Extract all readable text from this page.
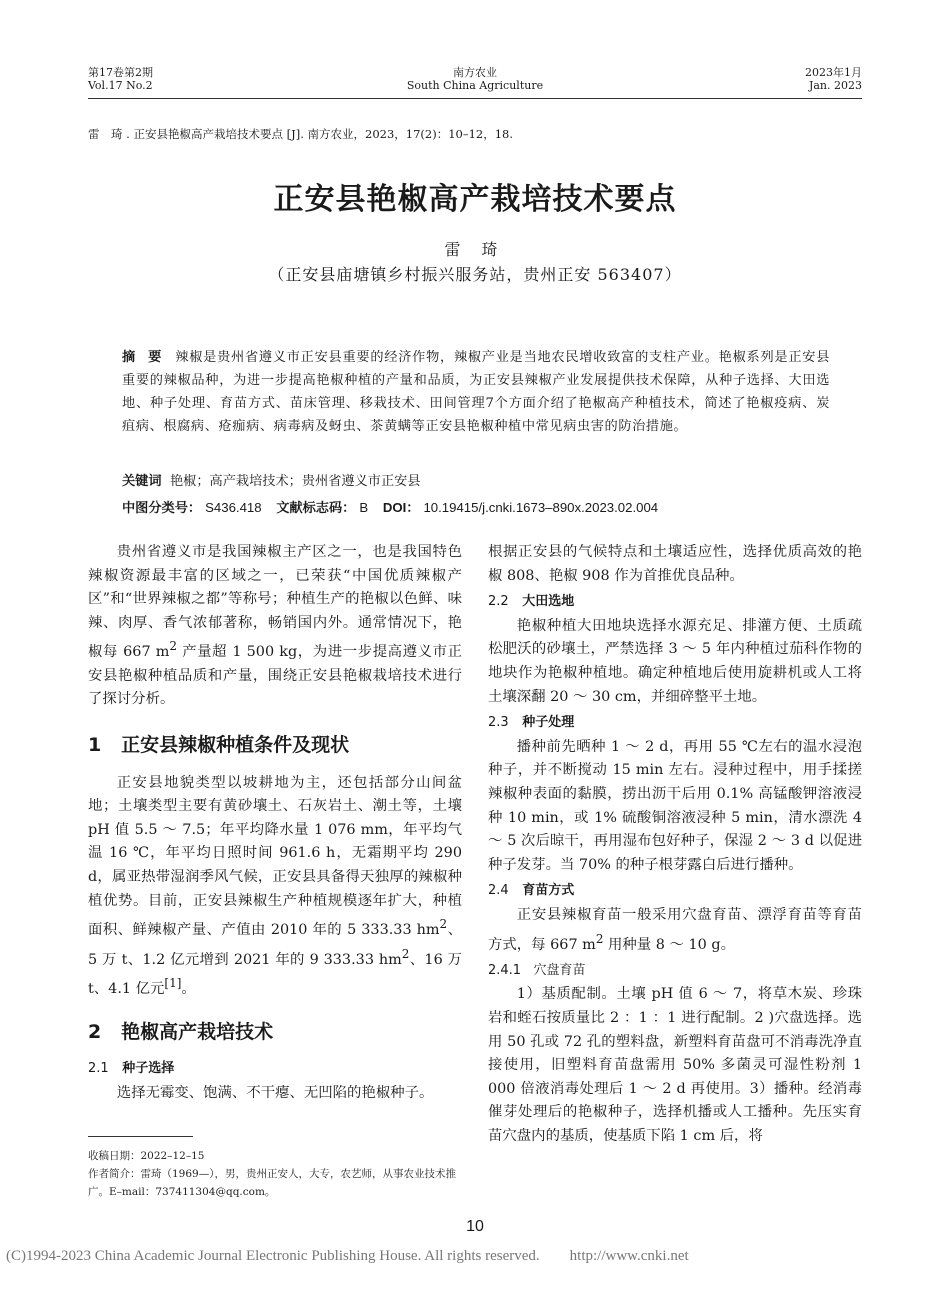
第17卷第2期
Vol.17 No.2
南方农业
South China Agriculture
2023年1月
Jan. 2023
雷　琦 . 正安县艳椒高产栽培技术要点 [J]. 南方农业，2023，17(2)：10–12，18.
正安县艳椒高产栽培技术要点
雷 琦
（正安县庙塘镇乡村振兴服务站，贵州正安 563407）
摘 要 辣椒是贵州省遵义市正安县重要的经济作物，辣椒产业是当地农民增收致富的支柱产业。艳椒系列是正安县重要的辣椒品种，为进一步提高艳椒种植的产量和品质，为正安县辣椒产业发展提供技术保障，从种子选择、大田选地、种子处理、育苗方式、苗床管理、移栽技术、田间管理7个方面介绍了艳椒高产种植技术，简述了艳椒疫病、炭疽病、根腐病、疮痂病、病毒病及蚜虫、茶黄螨等正安县艳椒种植中常见病虫害的防治措施。
关键词 艳椒；高产栽培技术；贵州省遵义市正安县
中图分类号： S436.418 文献标志码： B DOI： 10.19415/j.cnki.1673–890x.2023.02.004

贵州省遵义市是我国辣椒主产区之一，也是我国特色辣椒资源最丰富的区域之一，已荣获“中国优质辣椒产区”和“世界辣椒之都”等称号；种植生产的艳椒以色鲜、味辣、肉厚、香气浓郁著称，畅销国内外。通常情况下，艳椒每 667 $m^2$ 产量超 1 500 kg，为进一步提高遵义市正安县艳椒种植品质和产量，围绕正安县艳椒栽培技术进行了探讨分析。

1 正安县辣椒种植条件及现状

正安县地貌类型以坡耕地为主，还包括部分山间盆地；土壤类型主要有黄砂壤土、石灰岩土、潮土等，土壤 pH 值 5.5 ～ 7.5；年平均降水量 1 076 mm，年平均气温 16 ℃，年平均日照时间 961.6 h，无霜期平均 290 d，属亚热带湿润季风气候，正安县具备得天独厚的辣椒种植优势。目前，正安县辣椒生产种植规模逐年扩大，种植面积、鲜辣椒产量、产值由 2010 年的 5 333.33 $hm^2$、5 万 t、1.2 亿元增到 2021 年的 9 333.33 $hm^2$、16 万 t、4.1 亿元[1]。

2 艳椒高产栽培技术
2.1 种子选择

选择无霉变、饱满、不干瘪、无凹陷的艳椒种子。

收稿日期：2022–12–15
作者简介：雷琦（1969—），男，贵州正安人，大专，农艺师，从事农业技术推广。E–mail：737411304@qq.com。

根据正安县的气候特点和土壤适应性，选择优质高效的艳椒 808、艳椒 908 作为首推优良品种。

2.2 大田选地

艳椒种植大田地块选择水源充足、排灌方便、土质疏松肥沃的砂壤土，严禁选择 3 ～ 5 年内种植过茄科作物的地块作为艳椒种植地。确定种植地后使用旋耕机或人工将土壤深翻 20 ～ 30 cm，并细碎整平土地。

2.3 种子处理

播种前先晒种 1 ～ 2 d，再用 55 ℃左右的温水浸泡种子，并不断搅动 15 min 左右。浸种过程中，用手揉搓辣椒种表面的黏膜，捞出沥干后用 0.1% 高锰酸钾溶液浸种 10 min，或 1% 硫酸铜溶液浸种 5 min，清水漂洗 4 ～ 5 次后晾干，再用湿布包好种子，保湿 2 ～ 3 d 以促进种子发芽。当 70% 的种子根芽露白后进行播种。

2.4 育苗方式

正安县辣椒育苗一般采用穴盘育苗、漂浮育苗等育苗方式，每 667 $m^2$ 用种量 8 ～ 10 g。

2.4.1 穴盘育苗

1）基质配制。土壤 pH 值 6 ～ 7，将草木炭、珍珠岩和蛭石按质量比 2 ：1 ：1 进行配制。2 )穴盘选择。选用 50 孔或 72 孔的塑料盘，新塑料育苗盘可不消毒洗净直接使用，旧塑料育苗盘需用 50% 多菌灵可湿性粉剂 1 000 倍液消毒处理后 1 ～ 2 d 再使用。3）播种。经消毒催芽处理后的艳椒种子，选择机播或人工播种。先压实育苗穴盘内的基质，使基质下陷 1 cm 后，将

10
(C)1994-2023 China Academic Journal Electronic Publishing House. All rights reserved.　　http://www.cnki.net
